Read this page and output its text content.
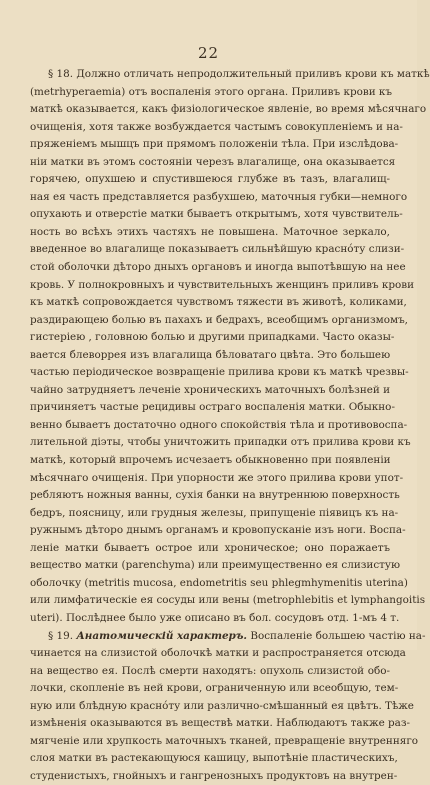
22
§ 18. Должно отличать непродолжительный приливъ крови къ маткѣ
(metrhyperaemia) отъ воспаленія этого органа. Приливъ крови къ
маткѣ оказывается, какъ физіологическое явленіе, во время мѣсячнаго
очищенія, хотя также возбуждается частымъ совокупленіемъ и на-
пряженіемъ мышцъ при прямомъ положеніи тѣла. При изслѣдова-
ніи матки въ этомъ состояніи черезъ влагалище, она оказывается
горячею, опухшею и спустившеюся глубже въ тазъ, влагалищ-
ная ея часть представляется разбухшею, маточныя губки—немного
опухають и отверстіе матки бываетъ открытымъ, хотя чувствитель-
ность во всѣхъ этихъ частяхъ не повышена. Маточное зеркало,
введенное во влагалище показываетъ сильнѣйшую краснóту слизи-
стой оболочки дѣторо дныхъ органовъ и иногда выпотѣвшую на нее
кровь. У полнокровныхъ и чувствительныхъ женщинъ приливъ крови
къ маткѣ сопровождается чувствомъ тяжести въ животѣ, коликами,
раздирающею болью въ пахахъ и бедрахъ, всеобщимъ организмомъ,
гистеріею , головною болью и другими припадками. Часто оказы-
вается блеворрея изъ влагалища бѣловатаго цвѣта. Это большею
частью періодическое возвращеніе прилива крови къ маткѣ чрезвы-
чайно затрудняетъ леченіе хроническихъ маточныхъ болѣзней и
причиняетъ частые рецидивы остраго воспаленія матки. Обыкно-
венно бываетъ достаточно одного спокойствія тѣла и противовоспа-
лительной діэты, чтобы уничтожить припадки отъ прилива крови къ
маткѣ, который впрочемъ исчезаетъ обыкновенно при появленіи
мѣсячнаго очищенія. При упорности же этого прилива крови упот-
ребляютъ ножныя ванны, сухія банки на внутреннюю поверхность
бедръ, поясницу, или грудныя железы, припущеніе піявицъ къ на-
ружнымъ дѣторо днымъ органамъ и кровопусканіе изъ ноги. Воспа-
леніе матки бываетъ острое или хроническое; оно поражаетъ
вещество матки (parenchyma) или преимущественно ея слизистую
оболочку (metritis mucosa, endometritis seu phlegmhymenitis uterina)
или лимфатическіе ея сосуды или вены (metrophlebitis et lymphangoitis
uteri). Послѣднее было уже описано въ бол. сосудовъ отд. 1-мъ 4 т.
§ 19. Анатомическій характеръ. Воспаленіе большею частію на-
чинается на слизистой оболочкѣ матки и распространяется отсюда
на вещество ея. Послѣ смерти находятъ: опухоль слизистой обо-
лочки, скопленіе въ ней крови, ограниченную или всеобщую, тем-
ную или блѣдную краснóту или различно-смѣшанный ея цвѣтъ. Тѣже
измѣненія оказываются въ веществѣ матки. Наблюдаютъ также раз-
мягченіе или хрупкость маточныхъ тканей, превращеніе внутренняго
слоя матки въ растекающуюся кашицу, выпотѣніе пластическихъ,
студенистыхъ, гнойныхъ и гангренозныхъ продуктовъ на внутрен-
